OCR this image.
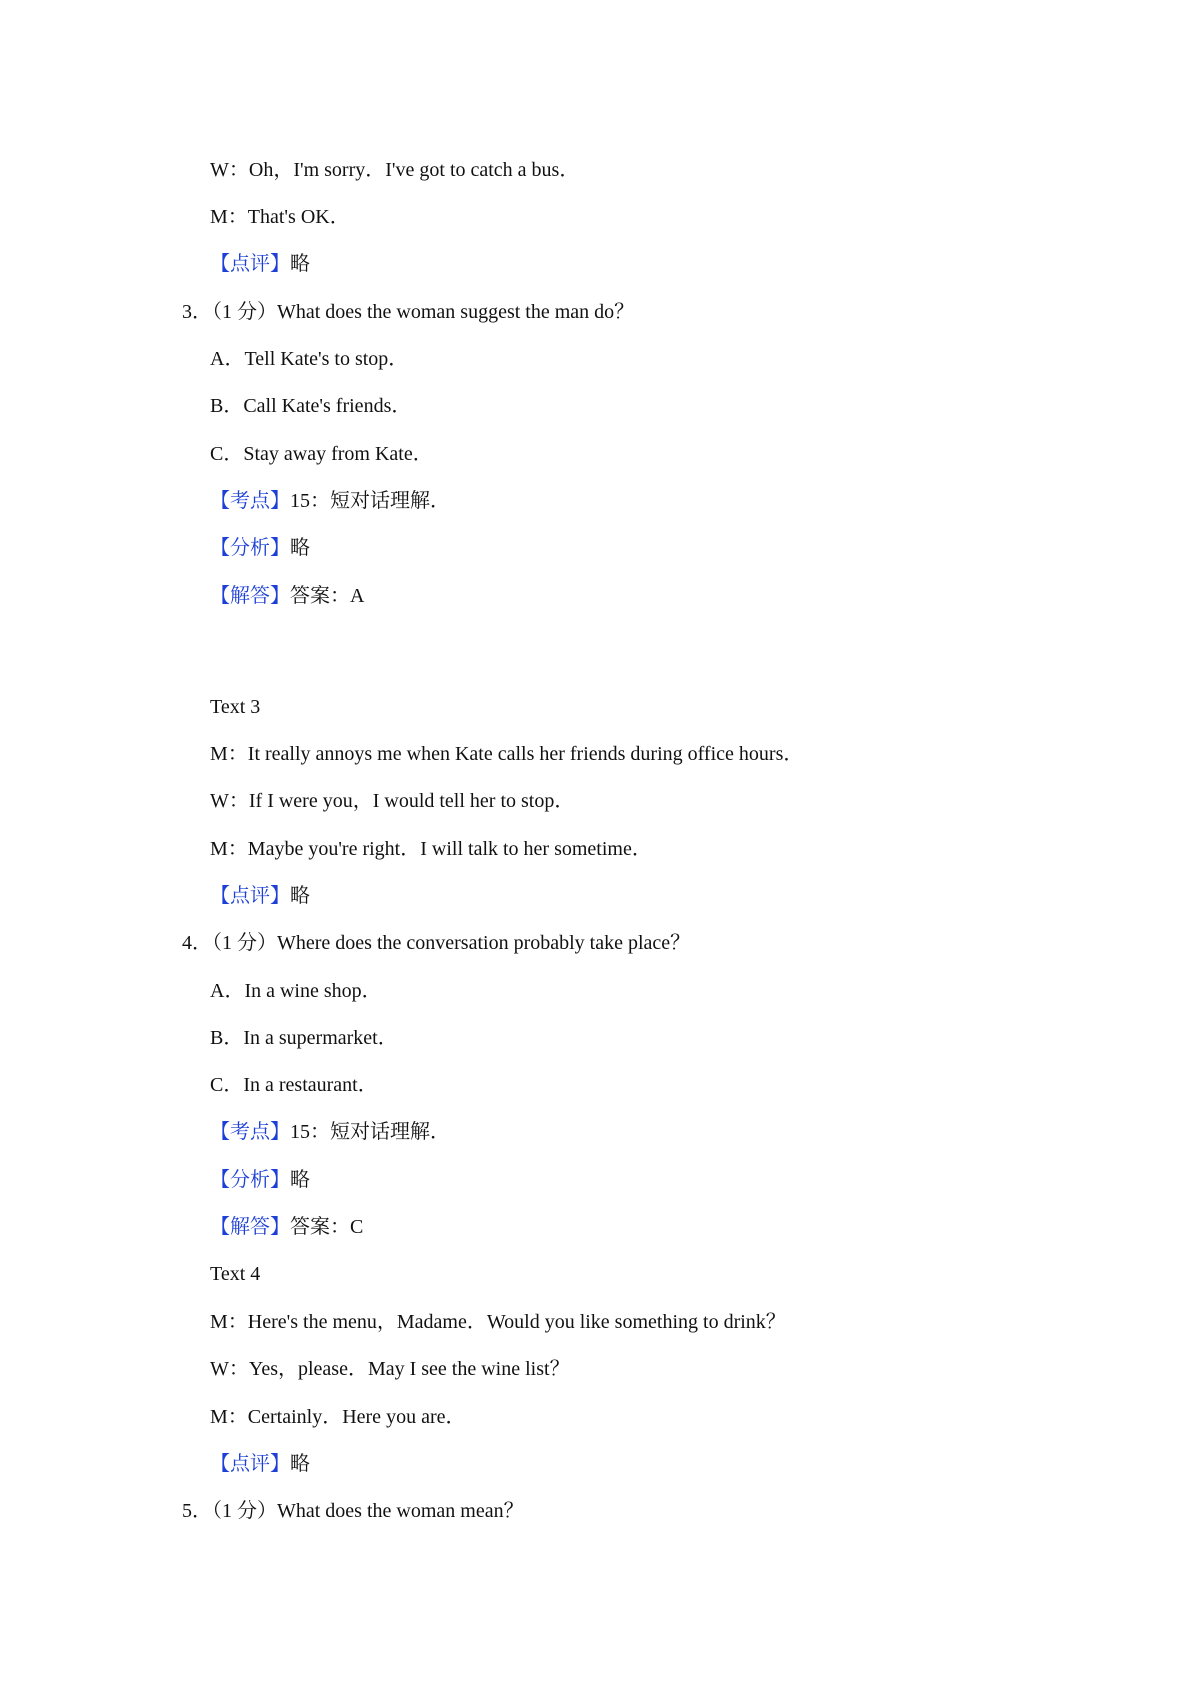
W：Oh，I'm sorry．I've got to catch a bus．
M：That's OK．
【点评】略
3．（1 分）What does the woman suggest the man do？
A．Tell Kate's to stop．
B．Call Kate's friends．
C．Stay away from Kate．
【考点】15：短对话理解．
【分析】略
【解答】答案：A
Text 3
M：It really annoys me when Kate calls her friends during office hours．
W：If I were you，I would tell her to stop．
M：Maybe you're right．I will talk to her sometime．
【点评】略
4．（1 分）Where does the conversation probably take place？
A．In a wine shop．
B．In a supermarket．
C．In a restaurant．
【考点】15：短对话理解．
【分析】略
【解答】答案：C
Text 4
M：Here's the menu，Madame．Would you like something to drink？
W：Yes，please．May I see the wine list？
M：Certainly．Here you are．
【点评】略
5．（1 分）What does the woman mean？
